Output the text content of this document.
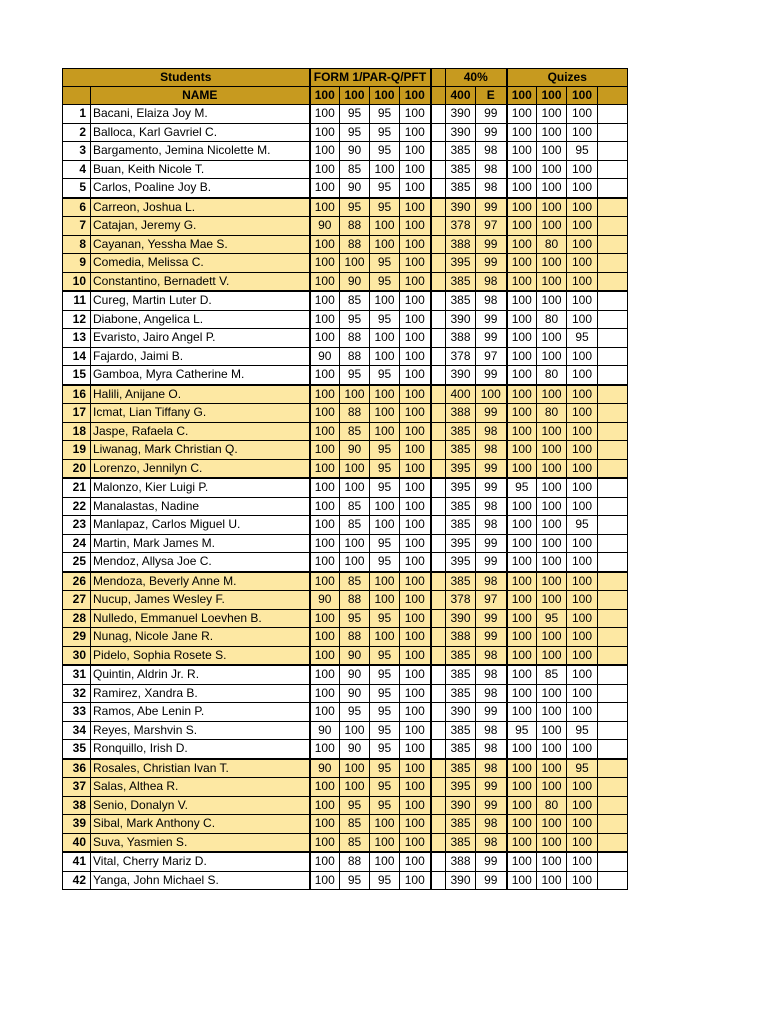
Students		FORM 1/PAR-Q/PFT					40%		Quizes			
	NAME	100	100	100	100		400	E	100	100	100	
1	Bacani, Elaiza Joy M.	100	95	95	100		390	99	100	100	100	
2	Balloca, Karl Gavriel C.	100	95	95	100		390	99	100	100	100	
3	Bargamento, Jemina Nicolette M.	100	90	95	100		385	98	100	100	95	
4	Buan, Keith Nicole T.	100	85	100	100		385	98	100	100	100	
5	Carlos, Poaline Joy B.	100	90	95	100		385	98	100	100	100	
6	Carreon, Joshua L.	100	95	95	100		390	99	100	100	100	
7	Catajan, Jeremy G.	90	88	100	100		378	97	100	100	100	
8	Cayanan, Yessha Mae S.	100	88	100	100		388	99	100	80	100	
9	Comedia, Melissa C.	100	100	95	100		395	99	100	100	100	
10	Constantino, Bernadett V.	100	90	95	100		385	98	100	100	100	
11	Cureg, Martin Luter D.	100	85	100	100		385	98	100	100	100	
12	Diabone, Angelica L.	100	95	95	100		390	99	100	80	100	
13	Evaristo, Jairo Angel P.	100	88	100	100		388	99	100	100	95	
14	Fajardo, Jaimi B.	90	88	100	100		378	97	100	100	100	
15	Gamboa, Myra Catherine M.	100	95	95	100		390	99	100	80	100	
16	Halili, Anijane O.	100	100	100	100		400	100	100	100	100	
17	Icmat, Lian Tiffany G.	100	88	100	100		388	99	100	80	100	
18	Jaspe, Rafaela C.	100	85	100	100		385	98	100	100	100	
19	Liwanag, Mark Christian Q.	100	90	95	100		385	98	100	100	100	
20	Lorenzo, Jennilyn C.	100	100	95	100		395	99	100	100	100	
21	Malonzo, Kier Luigi P.	100	100	95	100		395	99	95	100	100	
22	Manalastas, Nadine	100	85	100	100		385	98	100	100	100	
23	Manlapaz, Carlos Miguel U.	100	85	100	100		385	98	100	100	95	
24	Martin, Mark James M.	100	100	95	100		395	99	100	100	100	
25	Mendoz, Allysa Joe C.	100	100	95	100		395	99	100	100	100	
26	Mendoza, Beverly Anne M.	100	85	100	100		385	98	100	100	100	
27	Nucup, James Wesley F.	90	88	100	100		378	97	100	100	100	
28	Nulledo, Emmanuel Loevhen B.	100	95	95	100		390	99	100	95	100	
29	Nunag, Nicole Jane R.	100	88	100	100		388	99	100	100	100	
30	Pidelo, Sophia Rosete S.	100	90	95	100		385	98	100	100	100	
31	Quintin, Aldrin Jr. R.	100	90	95	100		385	98	100	85	100	
32	Ramirez, Xandra B.	100	90	95	100		385	98	100	100	100	
33	Ramos, Abe Lenin P.	100	95	95	100		390	99	100	100	100	
34	Reyes, Marshvin S.	90	100	95	100		385	98	95	100	95	
35	Ronquillo, Irish D.	100	90	95	100		385	98	100	100	100	
36	Rosales, Christian Ivan T.	90	100	95	100		385	98	100	100	95	
37	Salas, Althea R.	100	100	95	100		395	99	100	100	100	
38	Senio, Donalyn V.	100	95	95	100		390	99	100	80	100	
39	Sibal, Mark Anthony C.	100	85	100	100		385	98	100	100	100	
40	Suva, Yasmien S.	100	85	100	100		385	98	100	100	100	
41	Vital, Cherry Mariz D.	100	88	100	100		388	99	100	100	100	
42	Yanga, John Michael S.	100	95	95	100		390	99	100	100	100	
